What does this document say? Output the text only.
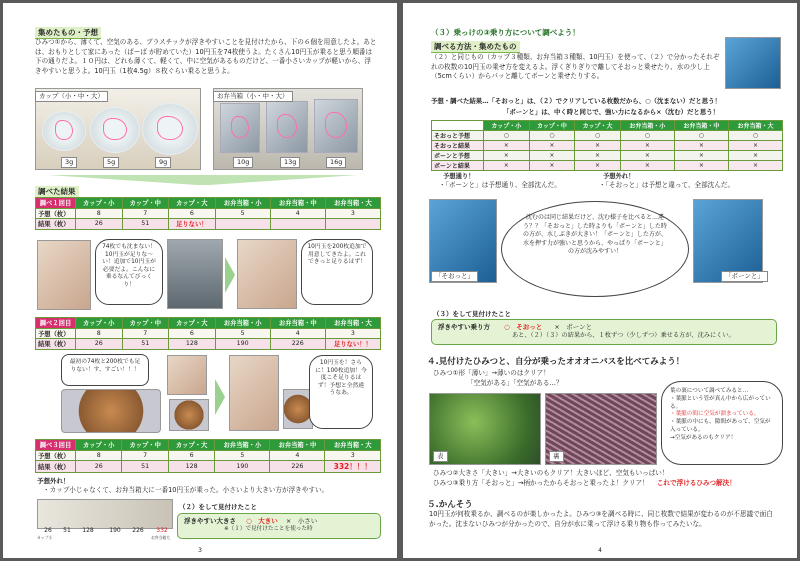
集めたもの・予想
ひみつ①から、薄くて、空気のある、プラスチックが浮きやすいことを見付けたから、下の６個を用意したよ。あとは、おもりとして家にあった（ばーば が貯めていた）10円玉を74枚使うよ。たくさん10円玉が乗ると思う順番は下の通りだよ。１０円は、どれも薄くて、軽くて、中に空気があるものだけど、一番小さいカップが軽いから、浮きやすいと思うよ。10円玉（1枚4.5g）８枚ぐらい乗ると思うよ。
カップ（小・中・大）
3g	5g	9g
お弁当箱（小・中・大）
10g	13g	16g
調べた結果
調べ１回目	カップ・小	カップ・中	カップ・大	お弁当箱・小	お弁当箱・中	お弁当箱・大
予想（枚）	8	7	6	5	4	3
結果（枚）	26	51	足りない！			
74枚でも沈まない！10円玉が足りな〜い！追加で10円玉が必要だよ。こんなに乗るなんてびっくり！
10円玉を200枚追加で用意してきたよ。これできっと足りるはず！
調べ２回目	カップ・小	カップ・中	カップ・大	お弁当箱・小	お弁当箱・中	お弁当箱・大
予想（枚）	8	7	6	5	4	3
結果（枚）	26	51	128	190	226	足りない！！
最初の74枚と200枚でも足りない！す、すごい！！！
10円玉を！さらに！100枚追加！今度こそ足りるはず！予想と全然違うなあ。
調べ３回目	カップ・小	カップ・中	カップ・大	お弁当箱・小	お弁当箱・中	お弁当箱・大
予想（枚）	8	7	6	5	4	3
結果（枚）	26	51	128	190	226	332！！！
予想外れ！
・カップ小じゃなくて、お弁当箱大に一番10円玉が乗った。小さいより大きい方が浮きやすい。
26	51	128	190	226	332
カップ小	お弁当箱大
（２）をして見付けたこと
浮きやすい大きさ ○　大きい ×　小さい
※（１）で見付けたことを使った時
3
（３）乗っけの③乗り方について調べよう！
調べる方法・集めたもの
（２）と同じもの（カップ３種類、お弁当箱３種類、10円玉）を使って、（２）で分かったそれぞれの枚数の10円玉の乗せ方を変えるよ。浮くぎりぎりで離してそおっと乗せたり、水の少し上（5cmくらい）からパッと離してボーンと乗せたりする。
予想・調べた結果…「そおっと」は、（２）でクリアしている枚数だから、○（沈まない）だと思う！
「ボーンと」は、中く時と同じで、強い力になるから×（沈む）だと思う！
	カップ・小	カップ・中	カップ・大	お弁当箱・小	お弁当箱・中	お弁当箱・大
そおっと予想	○	○	○	○	○	○
そおっと結果	×	×	×	×	×	×
ボーンと予想	×	×	×	×	×	×
ボーンと結果	×	×	×	×	×	×
予想通り！	予想外れ！
・「ボーンと」は予想通り、全部沈んだ。	・「そおっと」は予想と違って、全部沈んだ。
「そおっと」
沈むのは同じ結果だけど、沈む様子を比べると…違う？？「そおっと」した時よりも「ボーンと」した時の方が、水しぶきが大きい！「ボーンと」した方が、水を押す力が強いと思うから、やっぱり「ボーンと」の方が沈みやすい！
「ボーンと」
（３）をして見付けたこと
浮きやすい乗り方 ○　そおっと ×　ボーンと
あと、（２）（３）の結果から、１枚ずつ（少しずつ）乗せる方が、沈みにくい。
４.見付けたひみつと、自分が乗ったオオオニバスを比べてみよう！
ひみつ①形「薄い」→薄いのはクリア！
「空気がある」「空気がある…？
表	裏
葉の裏について調べてみると…
・葉脈という管が真ん中から広がっている。
・葉脈の間に空気が溜まっている。
・葉脈の中にも、隙間があって、空気が入っている。
→空気があるのもクリア！
ひみつ②大きさ「大きい」→大きいのもクリア！大きいほど、空気もいっぱい！
ひみつ③乗り方「そおっと」→柄かったからそおっと乗ったよ！クリア！ これで浮けるひみつ解決！
５.かんそう
10円玉が何枚乗るか、調べるのが楽しかったよ。ひみつ③を調べる時に、同じ枚数で結果が変わるのが不思議で面白かった。沈まないひみつが分かったので、自分が水に乗って浮ける乗り物も作ってみたいな。
4
